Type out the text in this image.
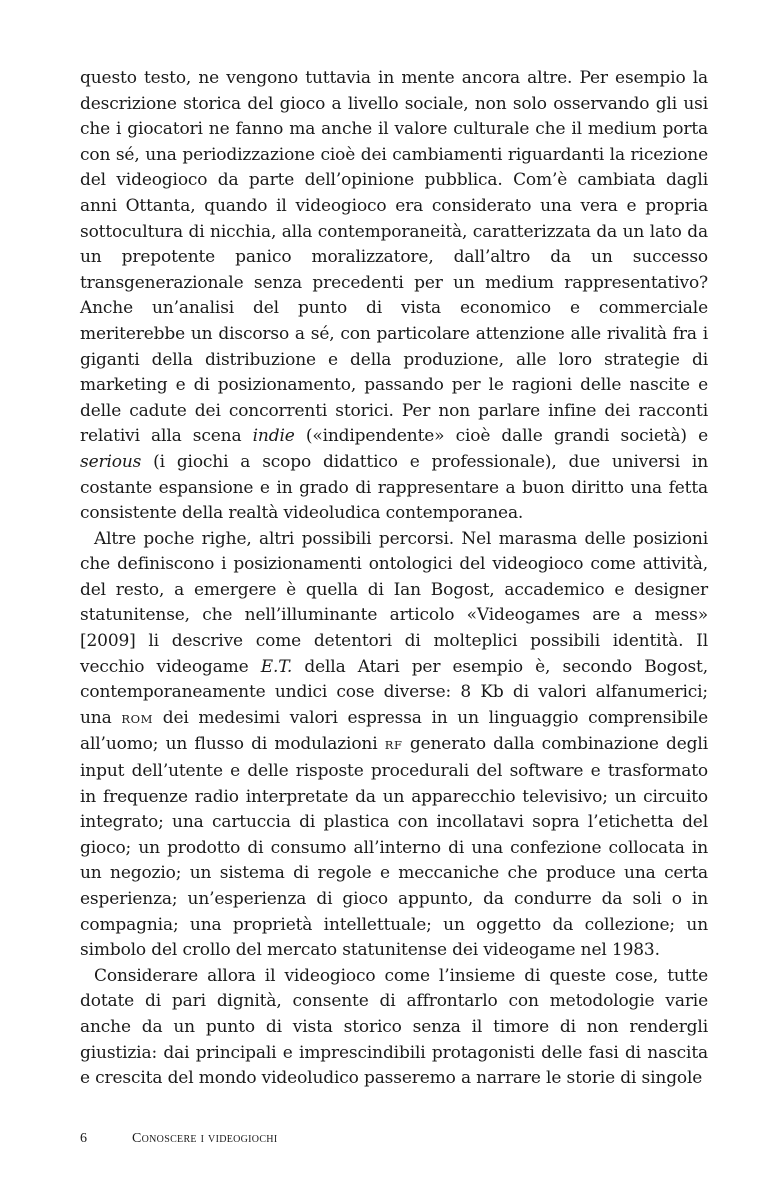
questo testo, ne vengono tuttavia in mente ancora altre. Per esempio la descrizione storica del gioco a livello sociale, non solo osservando gli usi che i giocatori ne fanno ma anche il valore culturale che il medium porta con sé, una periodizzazione cioè dei cambiamenti riguardanti la ricezione del videogioco da parte dell’opinione pubblica. Com’è cambiata dagli anni Ottanta, quando il videogioco era considerato una vera e propria sottocultura di nicchia, alla contemporaneità, caratterizzata da un lato da un prepotente panico moralizzatore, dall’altro da un successo transgenerazionale senza precedenti per un medium rappresentativo? Anche un’analisi del punto di vista economico e commerciale meriterebbe un discorso a sé, con particolare attenzione alle rivalità fra i giganti della distribuzione e della produzione, alle loro strategie di marketing e di posizionamento, passando per le ragioni delle nascite e delle cadute dei concorrenti storici. Per non parlare infine dei racconti relativi alla scena indie («indipendente» cioè dalle grandi società) e serious (i giochi a scopo didattico e professionale), due universi in costante espansione e in grado di rappresentare a buon diritto una fetta consistente della realtà videoludica contemporanea.

Altre poche righe, altri possibili percorsi. Nel marasma delle posizioni che definiscono i posizionamenti ontologici del videogioco come attività, del resto, a emergere è quella di Ian Bogost, accademico e designer statunitense, che nell’illuminante articolo «Videogames are a mess» [2009] li descrive come detentori di molteplici possibili identità. Il vecchio videogame E.T. della Atari per esempio è, secondo Bogost, contemporaneamente undici cose diverse: 8 Kb di valori alfanumerici; una ROM dei medesimi valori espressa in un linguaggio comprensibile all’uomo; un flusso di modulazioni RF generato dalla combinazione degli input dell’utente e delle risposte procedurali del software e trasformato in frequenze radio interpretate da un apparecchio televisivo; un circuito integrato; una cartuccia di plastica con incollatavi sopra l’etichetta del gioco; un prodotto di consumo all’interno di una confezione collocata in un negozio; un sistema di regole e meccaniche che produce una certa esperienza; un’esperienza di gioco appunto, da condurre da soli o in compagnia; una proprietà intellettuale; un oggetto da collezione; un simbolo del crollo del mercato statunitense dei videogame nel 1983.

Considerare allora il videogioco come l’insieme di queste cose, tutte dotate di pari dignità, consente di affrontarlo con metodologie varie anche da un punto di vista storico senza il timore di non rendergli giustizia: dai principali e imprescindibili protagonisti delle fasi di nascita e crescita del mondo videoludico passeremo a narrare le storie di singole

6	Conoscere i videogiochi
